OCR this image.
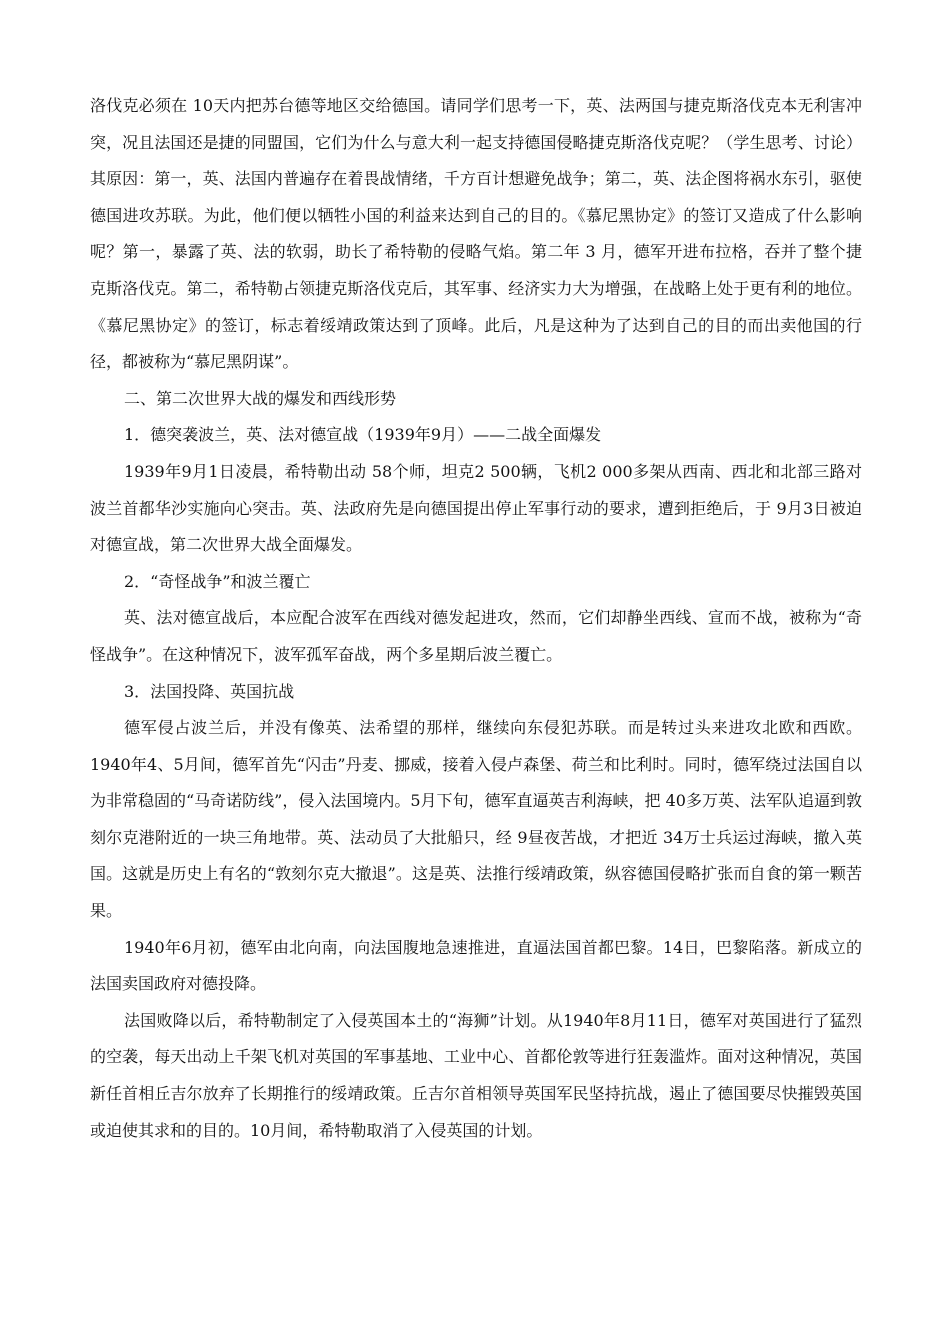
洛伐克必须在 10天内把苏台德等地区交给德国。请同学们思考一下，英、法两国与捷克斯洛伐克本无利害冲突，况且法国还是捷的同盟国，它们为什么与意大利一起支持德国侵略捷克斯洛伐克呢？（学生思考、讨论）其原因：第一，英、法国内普遍存在着畏战情绪，千方百计想避免战争；第二，英、法企图将祸水东引，驱使德国进攻苏联。为此，他们便以牺牲小国的利益来达到自己的目的。《慕尼黑协定》的签订又造成了什么影响呢？第一，暴露了英、法的软弱，助长了希特勒的侵略气焰。第二年 3 月，德军开进布拉格，吞并了整个捷克斯洛伐克。第二，希特勒占领捷克斯洛伐克后，其军事、经济实力大为增强，在战略上处于更有利的地位。《慕尼黑协定》的签订，标志着绥靖政策达到了顶峰。此后，凡是这种为了达到自己的目的而出卖他国的行径，都被称为“慕尼黑阴谋”。

二、第二次世界大战的爆发和西线形势

1．德突袭波兰，英、法对德宣战（1939年9月）——二战全面爆发

1939年9月1日凌晨，希特勒出动 58个师，坦克2 500辆，飞机2 000多架从西南、西北和北部三路对波兰首都华沙实施向心突击。英、法政府先是向德国提出停止军事行动的要求，遭到拒绝后，于 9月3日被迫对德宣战，第二次世界大战全面爆发。

2．“奇怪战争”和波兰覆亡

英、法对德宣战后，本应配合波军在西线对德发起进攻，然而，它们却静坐西线、宣而不战，被称为“奇怪战争”。在这种情况下，波军孤军奋战，两个多星期后波兰覆亡。

3．法国投降、英国抗战

德军侵占波兰后，并没有像英、法希望的那样，继续向东侵犯苏联。而是转过头来进攻北欧和西欧。1940年4、5月间，德军首先“闪击”丹麦、挪威，接着入侵卢森堡、荷兰和比利时。同时，德军绕过法国自以为非常稳固的“马奇诺防线”，侵入法国境内。5月下旬，德军直逼英吉利海峡，把 40多万英、法军队追逼到敦刻尔克港附近的一块三角地带。英、法动员了大批船只，经 9昼夜苦战，才把近 34万士兵运过海峡，撤入英国。这就是历史上有名的“敦刻尔克大撤退”。这是英、法推行绥靖政策，纵容德国侵略扩张而自食的第一颗苦果。

1940年6月初，德军由北向南，向法国腹地急速推进，直逼法国首都巴黎。14日，巴黎陷落。新成立的法国卖国政府对德投降。

法国败降以后，希特勒制定了入侵英国本土的“海狮”计划。从1940年8月11日，德军对英国进行了猛烈的空袭，每天出动上千架飞机对英国的军事基地、工业中心、首都伦敦等进行狂轰滥炸。面对这种情况，英国新任首相丘吉尔放弃了长期推行的绥靖政策。丘吉尔首相领导英国军民坚持抗战，遏止了德国要尽快摧毁英国或迫使其求和的目的。10月间，希特勒取消了入侵英国的计划。
